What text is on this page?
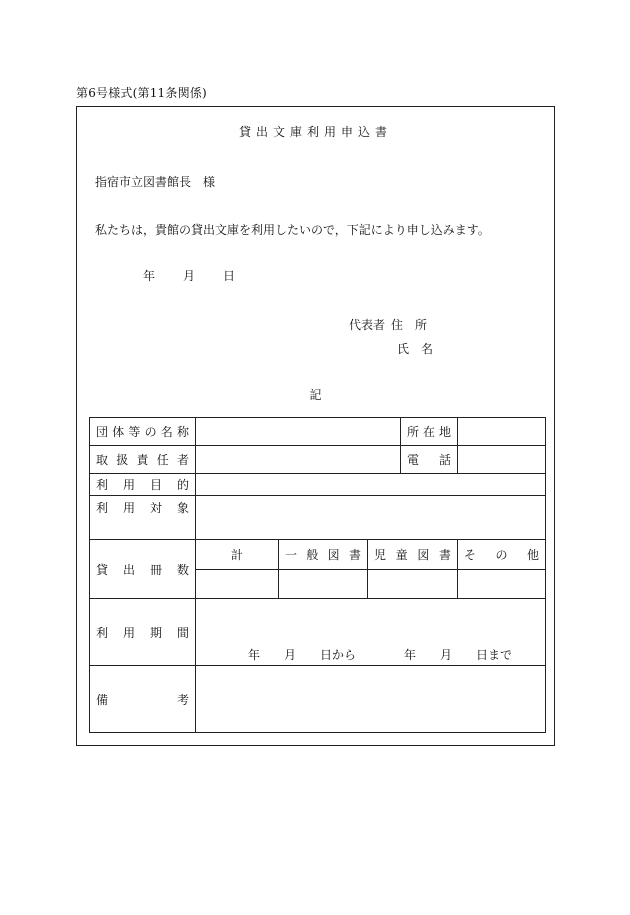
第6号様式(第11条関係)
貸出文庫利用申込書
指宿市立図書館長　様
私たちは，貴館の貸出文庫を利用したいので，下記により申し込みます。
年 月 日
代表者 住　所
氏　名
記
団体等の名称				所在地	
取扱責任者				電　話	
利用目的					
利用対象					
貸出冊数	計	一般図書	児童図書		その他

利用期間	年　　月　　日から　　　　年　　月　　日まで				

備考					
